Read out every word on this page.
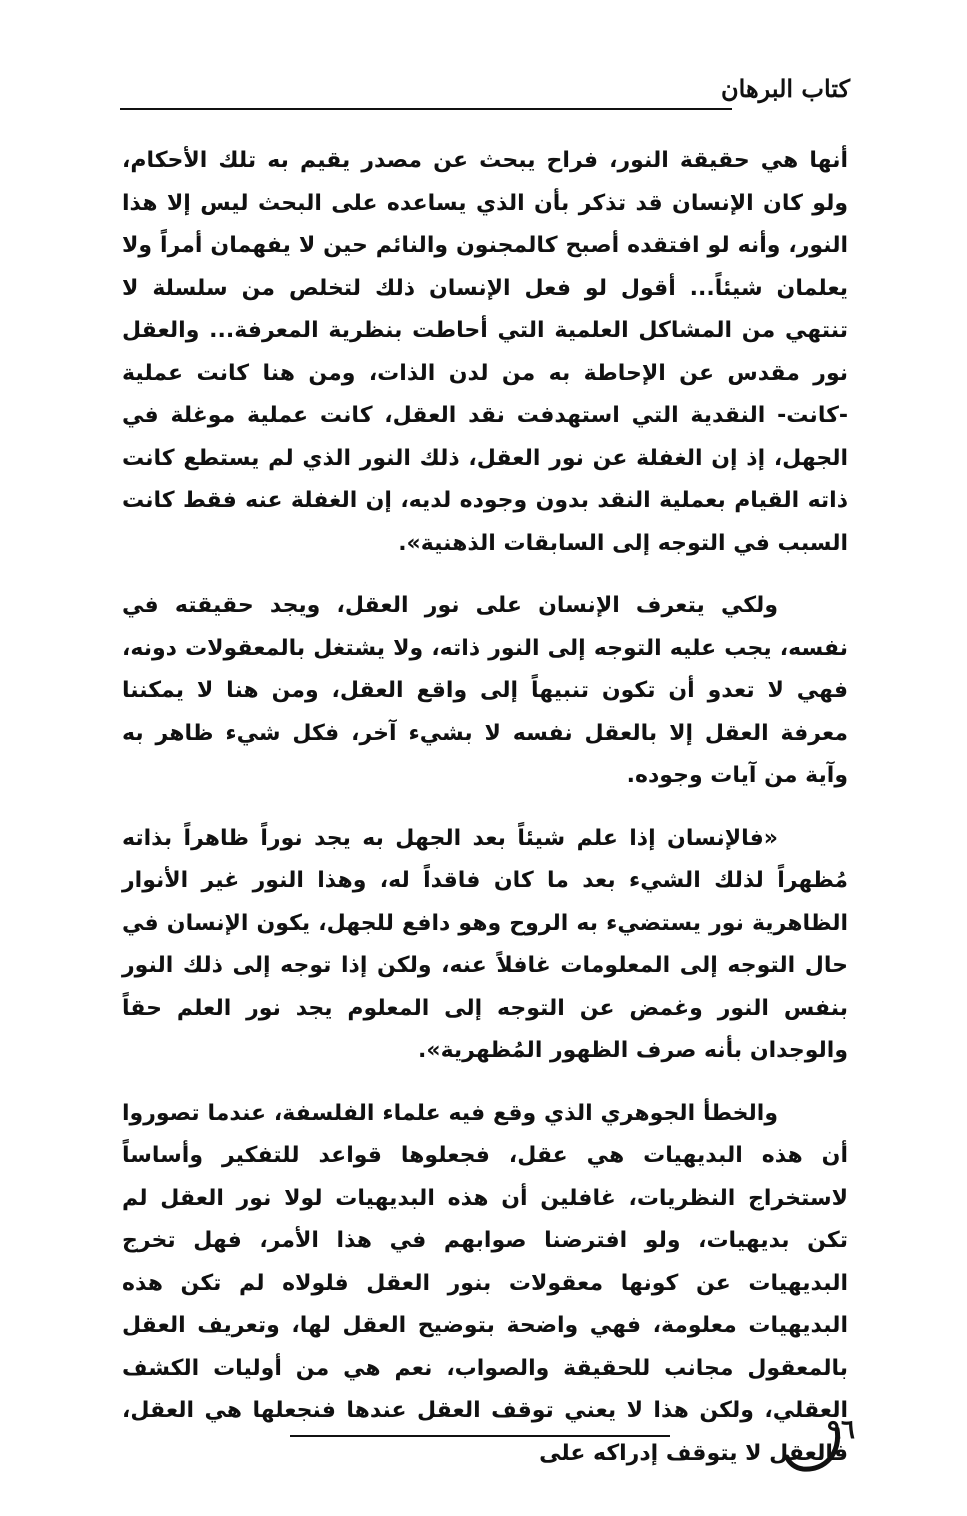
كتاب البرهان

أنها هي حقيقة النور، فراح يبحث عن مصدر يقيم به تلك الأحكام، ولو كان الإنسان قد تذكر بأن الذي يساعده على البحث ليس إلا هذا النور، وأنه لو افتقده أصبح كالمجنون والنائم حين لا يفهمان أمراً ولا يعلمان شيئاً... أقول لو فعل الإنسان ذلك لتخلص من سلسلة لا تنتهي من المشاكل العلمية التي أحاطت بنظرية المعرفة... والعقل نور مقدس عن الإحاطة به من لدن الذات، ومن هنا كانت عملية -كانت- النقدية التي استهدفت نقد العقل، كانت عملية موغلة في الجهل، إذ إن الغفلة عن نور العقل، ذلك النور الذي لم يستطع كانت ذاته القيام بعملية النقد بدون وجوده لديه، إن الغفلة عنه فقط كانت السبب في التوجه إلى السابقات الذهنية».

ولكي يتعرف الإنسان على نور العقل، ويجد حقيقته في نفسه، يجب عليه التوجه إلى النور ذاته، ولا يشتغل بالمعقولات دونه، فهي لا تعدو أن تكون تنبيهاً إلى واقع العقل، ومن هنا لا يمكننا معرفة العقل إلا بالعقل نفسه لا بشيء آخر، فكل شيء ظاهر به وآية من آيات وجوده.

«فالإنسان إذا علم شيئاً بعد الجهل به يجد نوراً ظاهراً بذاته مُظهراً لذلك الشيء بعد ما كان فاقداً له، وهذا النور غير الأنوار الظاهرية نور يستضيء به الروح وهو دافع للجهل، يكون الإنسان في حال التوجه إلى المعلومات غافلاً عنه، ولكن إذا توجه إلى ذلك النور بنفس النور وغمض عن التوجه إلى المعلوم يجد نور العلم حقاً والوجدان بأنه صرف الظهور المُظهرية».

والخطأ الجوهري الذي وقع فيه علماء الفلسفة، عندما تصوروا أن هذه البديهيات هي عقل، فجعلوها قواعد للتفكير وأساساً لاستخراج النظريات، غافلين أن هذه البديهيات لولا نور العقل لم تكن بديهيات، ولو افترضنا صوابهم في هذا الأمر، فهل تخرج البديهيات عن كونها معقولات بنور العقل فلولاه لم تكن هذه البديهيات معلومة، فهي واضحة بتوضيح العقل لها، وتعريف العقل بالمعقول مجانب للحقيقة والصواب، نعم هي من أوليات الكشف العقلي، ولكن هذا لا يعني توقف العقل عندها فنجعلها هي العقل، فالعقل لا يتوقف إدراكه على

٩٦
